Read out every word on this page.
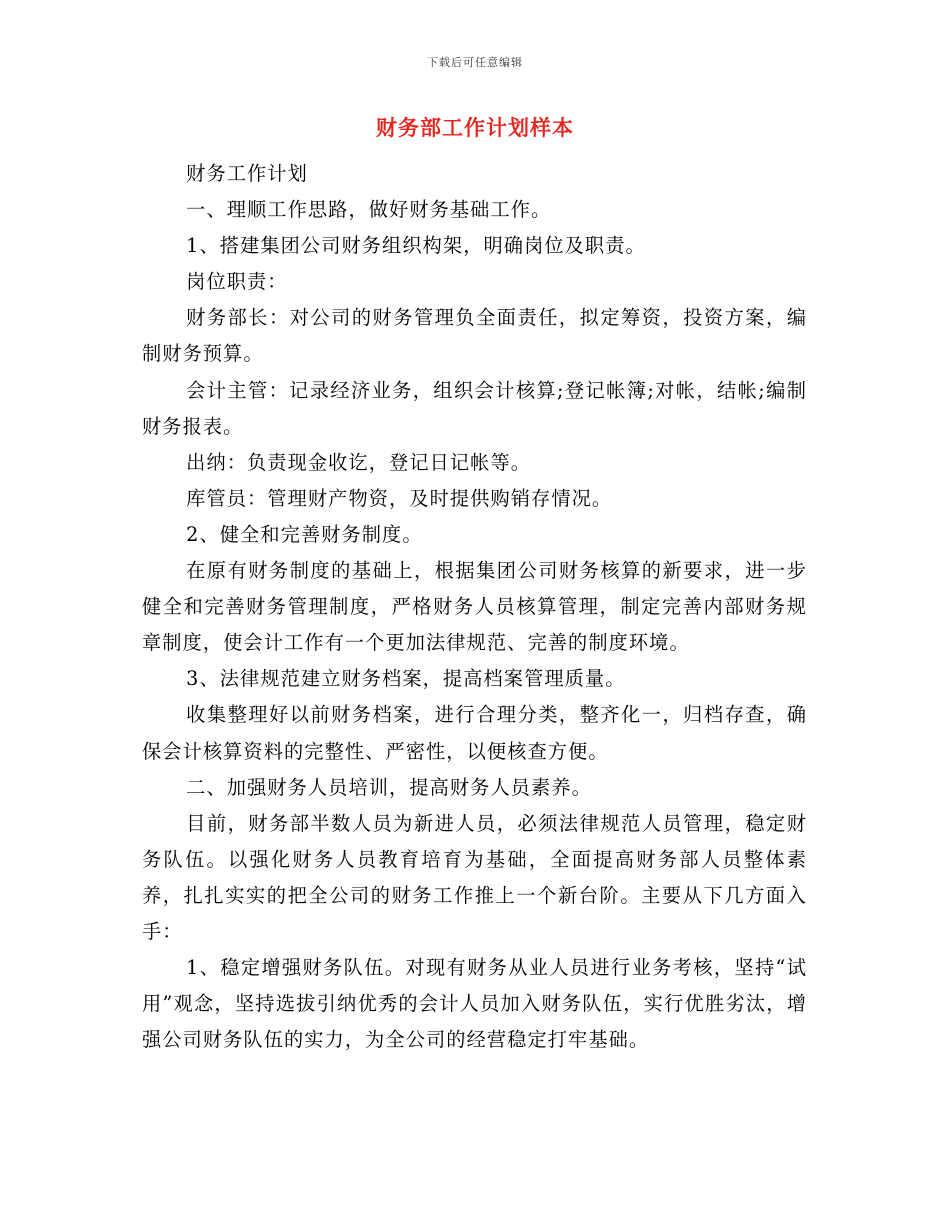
下载后可任意编辑
财务部工作计划样本

财务工作计划

一、理顺工作思路，做好财务基础工作。

1、搭建集团公司财务组织构架，明确岗位及职责。

岗位职责：

财务部长：对公司的财务管理负全面责任，拟定筹资，投资方案，编制财务预算。

会计主管：记录经济业务，组织会计核算;登记帐簿;对帐，结帐;编制财务报表。

出纳：负责现金收讫，登记日记帐等。

库管员：管理财产物资，及时提供购销存情况。

2、健全和完善财务制度。

在原有财务制度的基础上，根据集团公司财务核算的新要求，进一步健全和完善财务管理制度，严格财务人员核算管理，制定完善内部财务规章制度，使会计工作有一个更加法律规范、完善的制度环境。

3、法律规范建立财务档案，提高档案管理质量。

收集整理好以前财务档案，进行合理分类，整齐化一，归档存查，确保会计核算资料的完整性、严密性，以便核查方便。

二、加强财务人员培训，提高财务人员素养。

目前，财务部半数人员为新进人员，必须法律规范人员管理，稳定财务队伍。以强化财务人员教育培育为基础，全面提高财务部人员整体素养，扎扎实实的把全公司的财务工作推上一个新台阶。主要从下几方面入手：

1、稳定增强财务队伍。对现有财务从业人员进行业务考核，坚持“试用”观念，坚持选拔引纳优秀的会计人员加入财务队伍，实行优胜劣汰，增强公司财务队伍的实力，为全公司的经营稳定打牢基础。
